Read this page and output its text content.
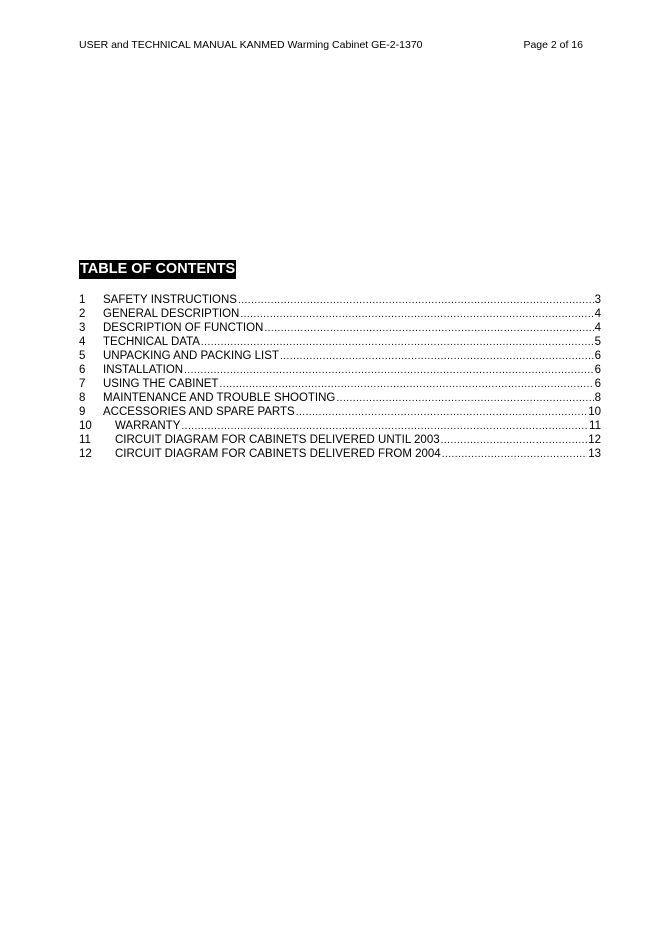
USER and TECHNICAL MANUAL KANMED Warming Cabinet GE-2-1370	Page 2 of 16
TABLE OF CONTENTS
1	SAFETY INSTRUCTIONS .....	3
2	GENERAL DESCRIPTION .....	4
3	DESCRIPTION OF FUNCTION .....	4
4	TECHNICAL DATA .....	5
5	UNPACKING AND PACKING LIST .....	6
6	INSTALLATION .....	6
7	USING THE CABINET .....	6
8	MAINTENANCE AND TROUBLE SHOOTING .....	8
9	ACCESSORIES AND SPARE PARTS .....	10
10	WARRANTY .....	11
11	CIRCUIT DIAGRAM FOR CABINETS DELIVERED UNTIL 2003 .....	12
12	CIRCUIT DIAGRAM FOR CABINETS DELIVERED FROM 2004 .....	13
